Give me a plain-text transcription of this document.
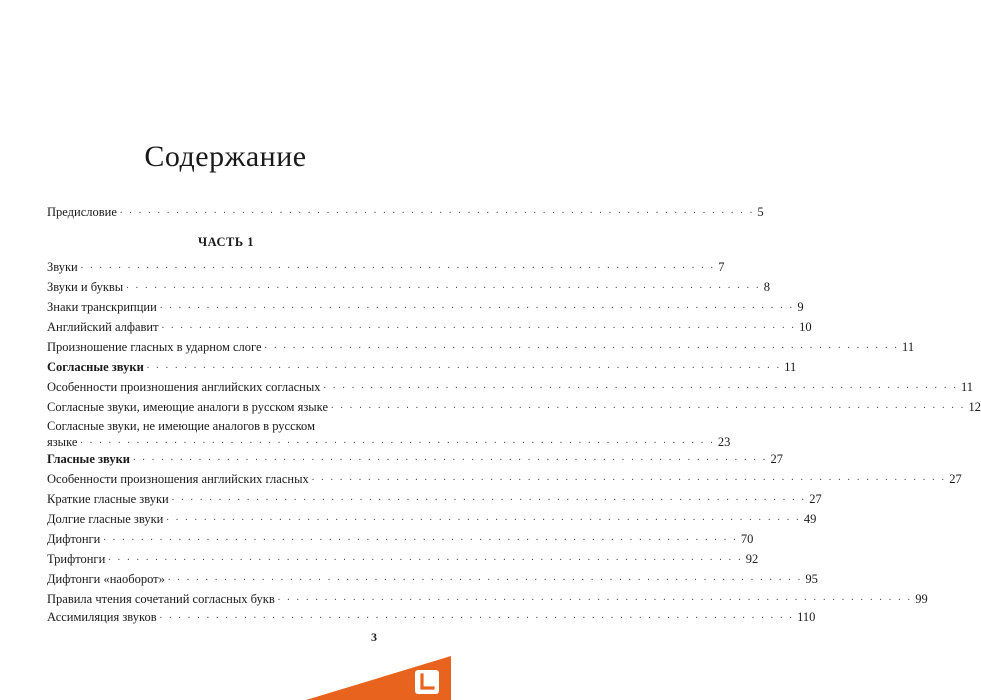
Содержание
Предисловие . . . . . . . . . . . . . . . . . . . . . . . . . . . . . . . . . . . . . . . . . . . . . . . . . . . . . . . . . . . . . . . . . . . . 5
ЧАСТЬ 1
Звуки . . . . . . . . . . . . . . . . . . . . . . . . . . . . . . . . . . . . . . . . . . . . . . . . . . . . . . . . . . . . . . . . . . . . 7
Звуки и буквы . . . . . . . . . . . . . . . . . . . . . . . . . . . . . . . . . . . . . . . . . . . . . . . . . . . . . . . . . . . . . . . . . . . . 8
Знаки транскрипции . . . . . . . . . . . . . . . . . . . . . . . . . . . . . . . . . . . . . . . . . . . . . . . . . . . . . . . . . . . . . . . . . . . . 9
Английский алфавит . . . . . . . . . . . . . . . . . . . . . . . . . . . . . . . . . . . . . . . . . . . . . . . . . . . . . . . . . . . . . . . . . . . . 10
Произношение гласных в ударном слоге . . . . . . . . . . . . . . . . . . . . . . . . . . . . . . . . . . . . . . . . . . . . . . . . . . . . . . . . . . . . . . . . . . . . 11
Согласные звуки . . . . . . . . . . . . . . . . . . . . . . . . . . . . . . . . . . . . . . . . . . . . . . . . . . . . . . . . . . . . . . . . . . . . 11
Особенности произношения английских согласных . . . . . . . . . . . . . . . . . . . . . . . . . . . . . . . . . . . . . . . . . . . . . . . . . . . . . . . . . . . . . . . . . . . . 11
Согласные звуки, имеющие аналоги в русском языке . . . . . . . . . . . . . . . . . . . . . . . . . . . . . . . . . . . . . . . . . . . . . . . . . . . . . . . . . . . . . . . . . . . . 12
Согласные звуки, не имеющие аналогов в русском
языке . . . . . . . . . . . . . . . . . . . . . . . . . . . . . . . . . . . . . . . . . . . . . . . . . . . . . . . . . . . . . . . . . . . . 23
Гласные звуки . . . . . . . . . . . . . . . . . . . . . . . . . . . . . . . . . . . . . . . . . . . . . . . . . . . . . . . . . . . . . . . . . . . . 27
Особенности произношения английских гласных . . . . . . . . . . . . . . . . . . . . . . . . . . . . . . . . . . . . . . . . . . . . . . . . . . . . . . . . . . . . . . . . . . . . 27
Краткие гласные звуки . . . . . . . . . . . . . . . . . . . . . . . . . . . . . . . . . . . . . . . . . . . . . . . . . . . . . . . . . . . . . . . . . . . . 27
Долгие гласные звуки . . . . . . . . . . . . . . . . . . . . . . . . . . . . . . . . . . . . . . . . . . . . . . . . . . . . . . . . . . . . . . . . . . . . 49
Дифтонги . . . . . . . . . . . . . . . . . . . . . . . . . . . . . . . . . . . . . . . . . . . . . . . . . . . . . . . . . . . . . . . . . . . . 70
Трифтонги . . . . . . . . . . . . . . . . . . . . . . . . . . . . . . . . . . . . . . . . . . . . . . . . . . . . . . . . . . . . . . . . . . . . 92
Дифтонги «наоборот» . . . . . . . . . . . . . . . . . . . . . . . . . . . . . . . . . . . . . . . . . . . . . . . . . . . . . . . . . . . . . . . . . . . . 95
Правила чтения сочетаний согласных букв . . . . . . . . . . . . . . . . . . . . . . . . . . . . . . . . . . . . . . . . . . . . . . . . . . . . . . . . . . . . . . . . . . . . 99
Ассимиляция звуков . . . . . . . . . . . . . . . . . . . . . . . . . . . . . . . . . . . . . . . . . . . . . . . . . . . . . . . . . . . . . . . . . . . . 110
3
